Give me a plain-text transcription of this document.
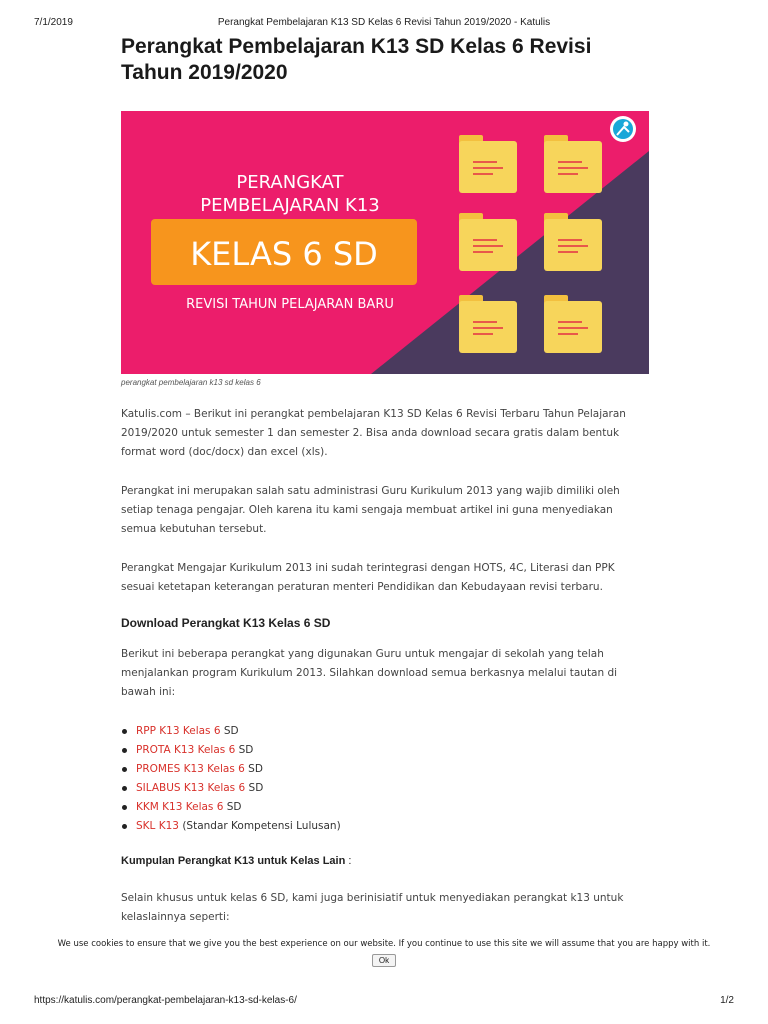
7/1/2019	Perangkat Pembelajaran K13 SD Kelas 6 Revisi Tahun 2019/2020 - Katulis
Perangkat Pembelajaran K13 SD Kelas 6 Revisi Tahun 2019/2020
PERANGKAT
PEMBELAJARAN K13
KELAS 6 SD
REVISI TAHUN PELAJARAN BARU
perangkat pembelajaran k13 sd kelas 6

Katulis.com – Berikut ini perangkat pembelajaran K13 SD Kelas 6 Revisi Terbaru Tahun Pelajaran 2019/2020 untuk semester 1 dan semester 2. Bisa anda download secara gratis dalam bentuk format word (doc/docx) dan excel (xls).

Perangkat ini merupakan salah satu administrasi Guru Kurikulum 2013 yang wajib dimiliki oleh setiap tenaga pengajar. Oleh karena itu kami sengaja membuat artikel ini guna menyediakan semua kebutuhan tersebut.

Perangkat Mengajar Kurikulum 2013 ini sudah terintegrasi dengan HOTS, 4C, Literasi dan PPK sesuai ketetapan keterangan peraturan menteri Pendidikan dan Kebudayaan revisi terbaru.

Download Perangkat K13 Kelas 6 SD

Berikut ini beberapa perangkat yang digunakan Guru untuk mengajar di sekolah yang telah menjalankan program Kurikulum 2013. Silahkan download semua berkasnya melalui tautan di bawah ini:

RPP K13 Kelas 6 SD
PROTA K13 Kelas 6 SD
PROMES K13 Kelas 6 SD
SILABUS K13 Kelas 6 SD
KKM K13 Kelas 6 SD
SKL K13 (Standar Kompetensi Lulusan)
Kumpulan Perangkat K13 untuk Kelas Lain :

Selain khusus untuk kelas 6 SD, kami juga berinisiatif untuk menyediakan perangkat k13 untuk kelaslainnya seperti:

We use cookies to ensure that we give you the best experience on our website. If you continue to use this site we will assume that you are happy with it.
Ok
https://katulis.com/perangkat-pembelajaran-k13-sd-kelas-6/	1/2
